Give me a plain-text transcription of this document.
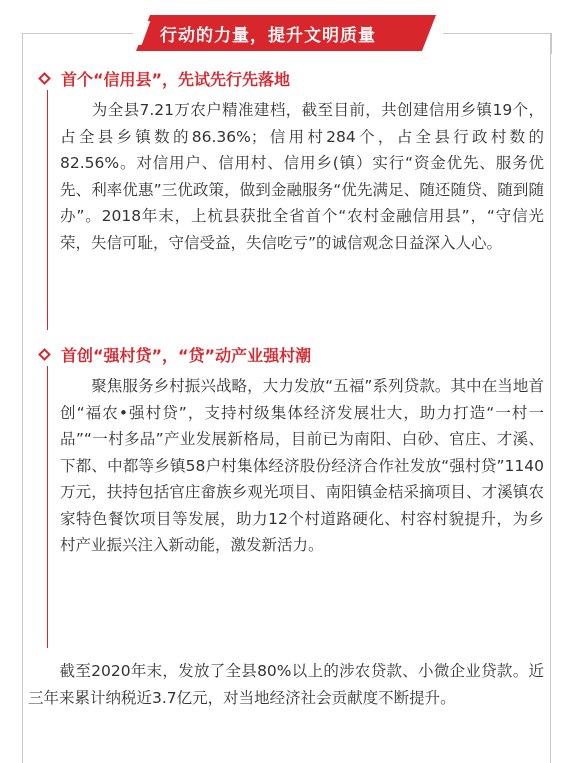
行动的力量，提升文明质量
首个“信用县”，先试先行先落地

　　为全县7.21万农户精准建档，截至目前，共创建信用乡镇19个，占全县乡镇数的86.36%；信用村284个，占全县行政村数的82.56%。对信用户、信用村、信用乡(镇）实行“资金优先、服务优先、利率优惠”三优政策，做到金融服务“优先满足、随还随贷、随到随办”。2018年末，上杭县获批全省首个“农村金融信用县”，“守信光荣，失信可耻，守信受益，失信吃亏”的诚信观念日益深入人心。

首创“强村贷”，“贷”动产业强村潮

　　聚焦服务乡村振兴战略，大力发放“五福”系列贷款。其中在当地首创“福农•强村贷”，支持村级集体经济发展壮大，助力打造“一村一品”“一村多品”产业发展新格局，目前已为南阳、白砂、官庄、才溪、下都、中都等乡镇58户村集体经济股份经济合作社发放“强村贷”1140万元，扶持包括官庄畲族乡观光项目、南阳镇金桔采摘项目、才溪镇农家特色餐饮项目等发展，助力12个村道路硬化、村容村貌提升，为乡村产业振兴注入新动能，激发新活力。

　　截至2020年末，发放了全县80%以上的涉农贷款、小微企业贷款。近三年来累计纳税近3.7亿元，对当地经济社会贡献度不断提升。
